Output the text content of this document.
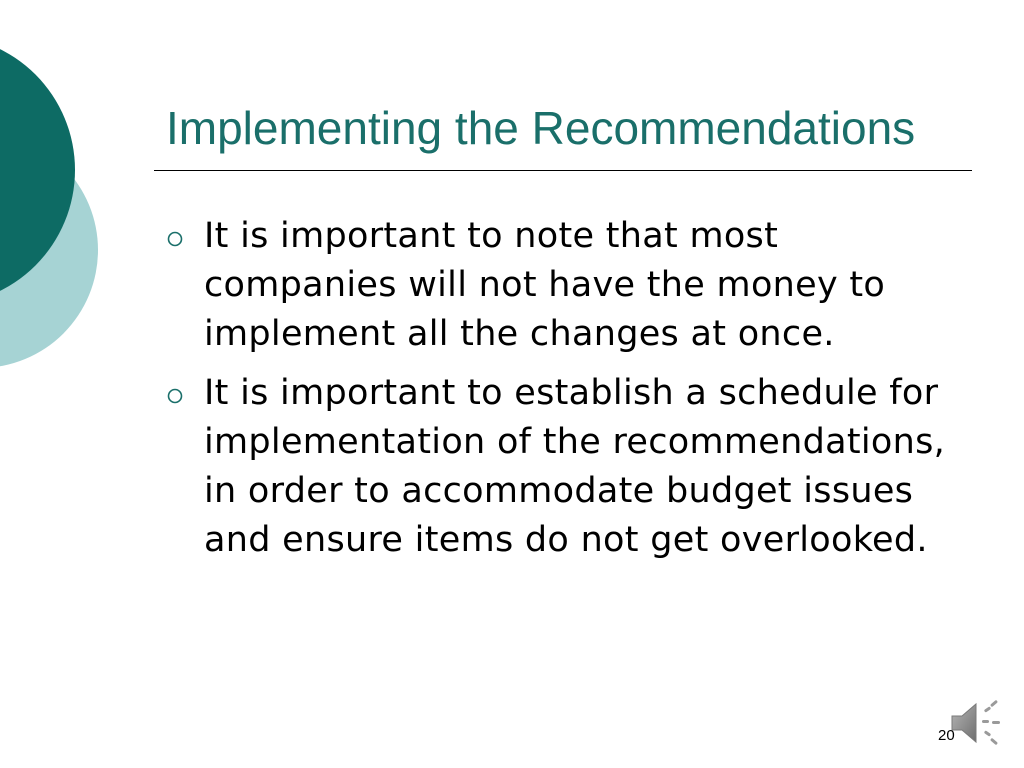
Implementing the Recommendations
It is important to note that most companies will not have the money to implement all the changes at once.
It is important to establish a schedule for implementation of the recommendations, in order to accommodate budget issues and ensure items do not get overlooked.
20
